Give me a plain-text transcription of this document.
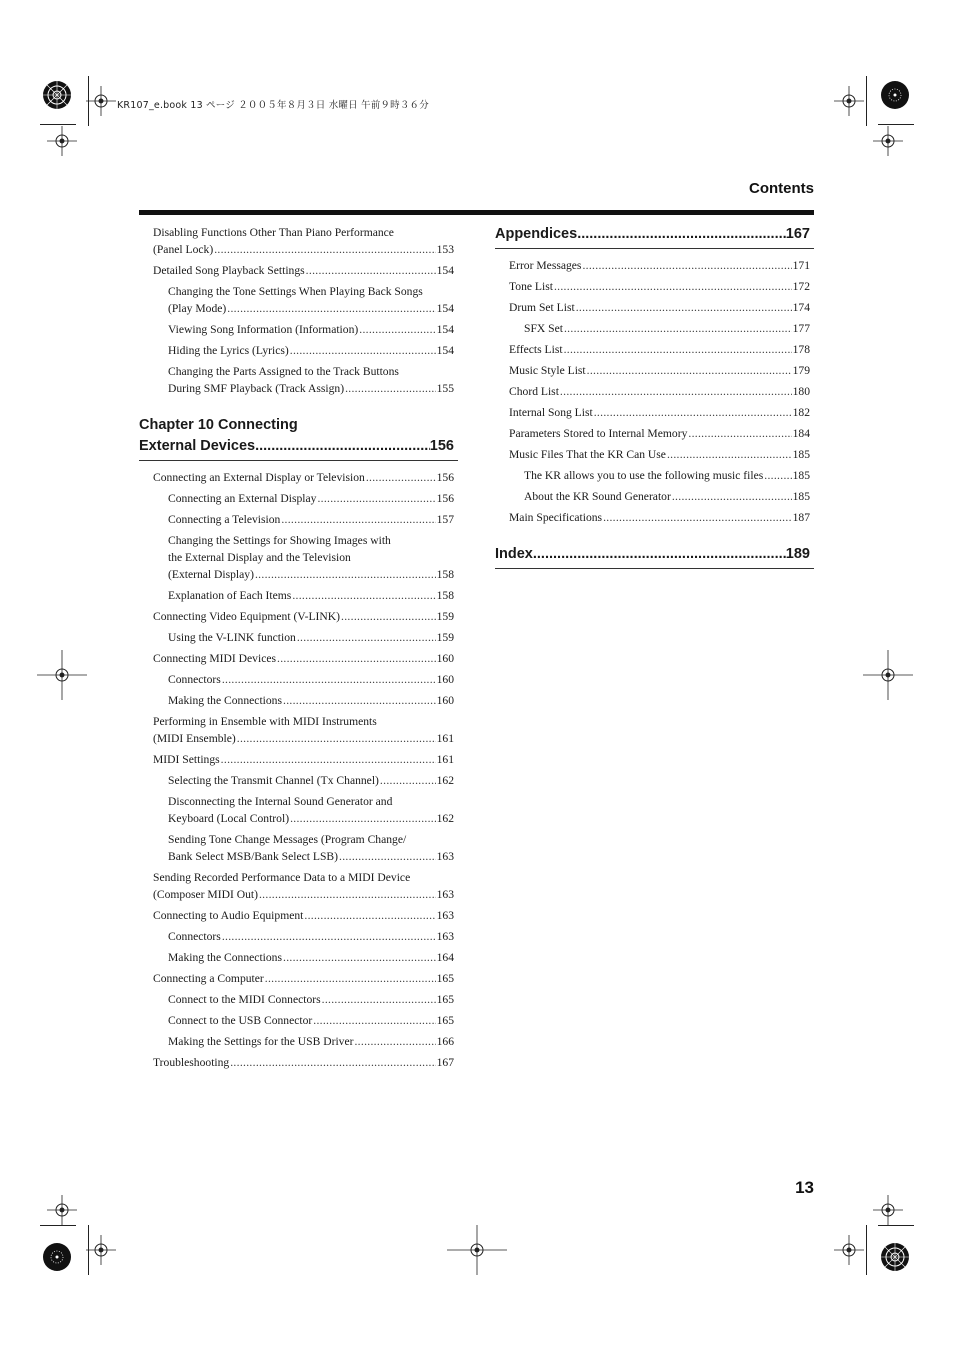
KR107_e.book 13 ページ ２００５年８月３日 水曜日 午前９時３６分
Contents
Disabling Functions Other Than Piano Performance
(Panel Lock) .....	153
Detailed Song Playback Settings .....	154
Changing the Tone Settings When Playing Back Songs
(Play Mode) .....	154
Viewing Song Information (Information) .....	154
Hiding the Lyrics (Lyrics) .....	154
Changing the Parts Assigned to the Track Buttons
During SMF Playback (Track Assign) .....	155
Chapter 10 Connecting
External Devices .....	156
Connecting an External Display or Television .....	156
Connecting an External Display .....	156
Connecting a Television .....	157
Changing the Settings for Showing Images with
the External Display and the Television
(External Display) .....	158
Explanation of Each Items .....	158
Connecting Video Equipment (V-LINK) .....	159
Using the V-LINK function .....	159
Connecting MIDI Devices .....	160
Connectors .....	160
Making the Connections .....	160
Performing in Ensemble with MIDI Instruments
(MIDI Ensemble) .....	161
MIDI Settings .....	161
Selecting the Transmit Channel (Tx Channel) .....	162
Disconnecting the Internal Sound Generator and
Keyboard (Local Control) .....	162
Sending Tone Change Messages (Program Change/
Bank Select MSB/Bank Select LSB) .....	163
Sending Recorded Performance Data to a MIDI Device
(Composer MIDI Out) .....	163
Connecting to Audio Equipment .....	163
Connectors .....	163
Making the Connections .....	164
Connecting a Computer .....	165
Connect to the MIDI Connectors .....	165
Connect to the USB Connector .....	165
Making the Settings for the USB Driver .....	166
Troubleshooting .....	167
Appendices .....	167
Error Messages .....	171
Tone List .....	172
Drum Set List .....	174
SFX Set .....	177
Effects List .....	178
Music Style List .....	179
Chord List .....	180
Internal Song List .....	182
Parameters Stored to Internal Memory .....	184
Music Files That the KR Can Use .....	185
The KR allows you to use the following music files .....	185
About the KR Sound Generator .....	185
Main Specifications .....	187
Index .....	189
13
